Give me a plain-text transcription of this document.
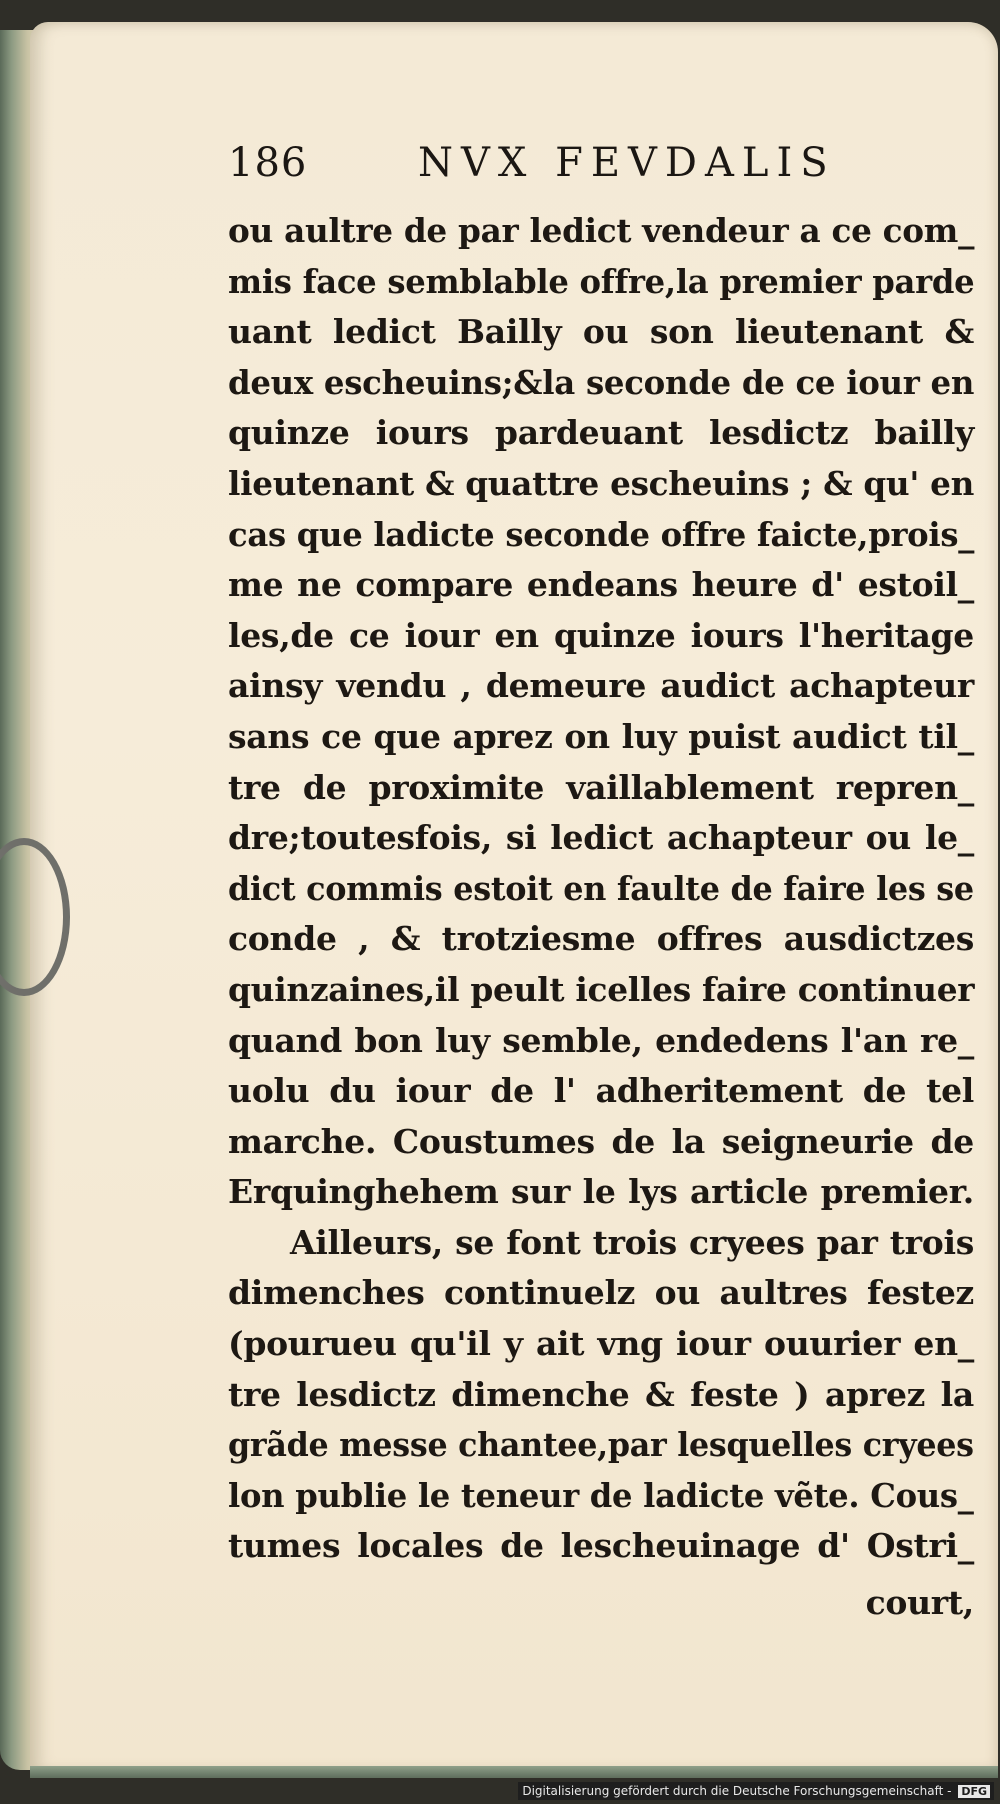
186	NVX FEVDALIS
ou aultre de par ledict vendeur a ce com_
mis face semblable offre,la premier parde
uant ledict Bailly ou son lieutenant &
deux escheuins;&la seconde de ce iour en
quinze iours pardeuant lesdictz bailly
lieutenant & quattre escheuins ; & qu' en
cas que ladicte seconde offre faicte,prois_
me ne compare endeans heure d' estoil_
les,de ce iour en quinze iours l'heritage
ainsy vendu , demeure audict achapteur
sans ce que aprez on luy puist audict til_
tre de proximite vaillablement repren_
dre;toutesfois, si ledict achapteur ou le_
dict commis estoit en faulte de faire les se
conde , & trotziesme offres ausdictzes
quinzaines,il peult icelles faire continuer
quand bon luy semble, endedens l'an re_
uolu du iour de l' adheritement de tel
marche. Coustumes de la seigneurie de
Erquinghehem sur le lys article premier.
Ailleurs, se font trois cryees par trois
dimenches continuelz ou aultres festez
(pourueu qu'il y ait vng iour ouurier en_
tre lesdictz dimenche & feste ) aprez la
grãde messe chantee,par lesquelles cryees
lon publie le teneur de ladicte vẽte. Cous_
tumes locales de lescheuinage d' Ostri_
court,
Digitalisierung gefördert durch die Deutsche Forschungsgemeinschaft - DFG
